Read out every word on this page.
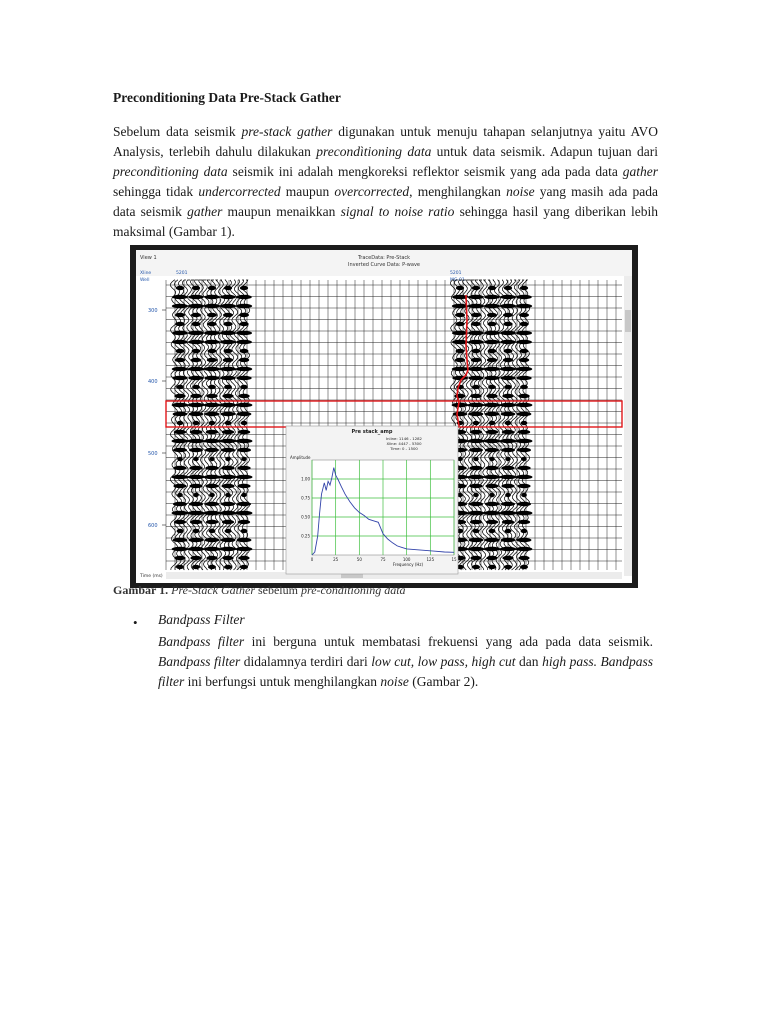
Preconditioning Data Pre-Stack Gather

Sebelum data seismik pre-stack gather digunakan untuk menuju tahapan selanjutnya yaitu AVO Analysis, terlebih dahulu dilakukan precondìtioning data untuk data seismik. Adapun tujuan dari precondìtioning data seismik ini adalah mengkoreksi reflektor seismik yang ada pada data gather sehingga tidak undercorrected maupun overcorrected, menghilangkan noise yang masih ada pada data seismik gather maupun menaikkan signal to noise ratio sehingga hasil yang diberikan lebih maksimal (Gambar 1).

View 1	TraceData: Pre-Stack
Inverted Curve Data: P-wave
Xline
Well
5201	5201
MG-01
300
400
500
600
Time (ms)
Pre stack_amp
Inline: 1146 - 1282
Xline: 4447 - 5300
Time: 0 - 1500
Amplitude
Frequency (Hz)
0	25	50	75	100	125	15
1.00
0.75
0.50
0.25

Gambar 1. Pre-Stack Gather sebelum pre-conditioning data

• Bandpass Filter

Bandpass filter ini berguna untuk membatasi frekuensi yang ada pada data seismik. Bandpass filter didalamnya terdiri dari low cut, low pass, high cut dan high pass. Bandpass filter ini berfungsi untuk menghilangkan noise (Gambar 2).
